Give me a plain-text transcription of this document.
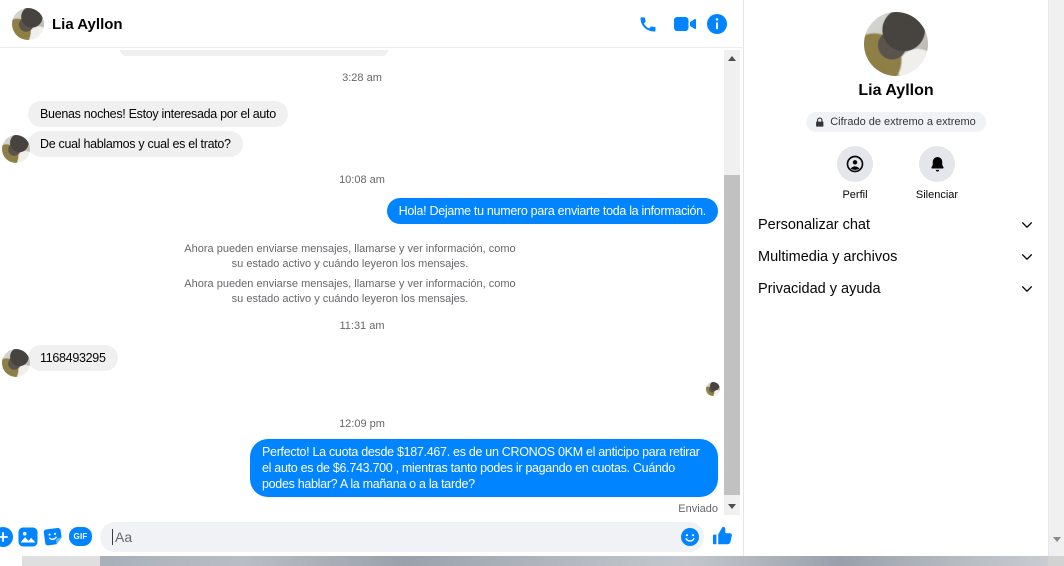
Lia Ayllon
3:28 am
Buenas noches! Estoy interesada por el auto
De cual hablamos y cual es el trato?
10:08 am
Hola! Dejame tu numero para enviarte toda la información.
Ahora pueden enviarse mensajes, llamarse y ver información, como su estado activo y cuándo leyeron los mensajes.
Ahora pueden enviarse mensajes, llamarse y ver información, como su estado activo y cuándo leyeron los mensajes.
11:31 am
1168493295
12:09 pm
Perfecto! La cuota desde $187.467. es de un CRONOS 0KM el anticipo para retirar el auto es de $6.743.700 , mientras tanto podes ir pagando en cuotas. Cuándo podes hablar? A la mañana o a la tarde?
Enviado
GIF	Aa
Lia Ayllon
Cifrado de extremo a extremo
Perfil	Silenciar
Personalizar chat
Multimedia y archivos
Privacidad y ayuda
